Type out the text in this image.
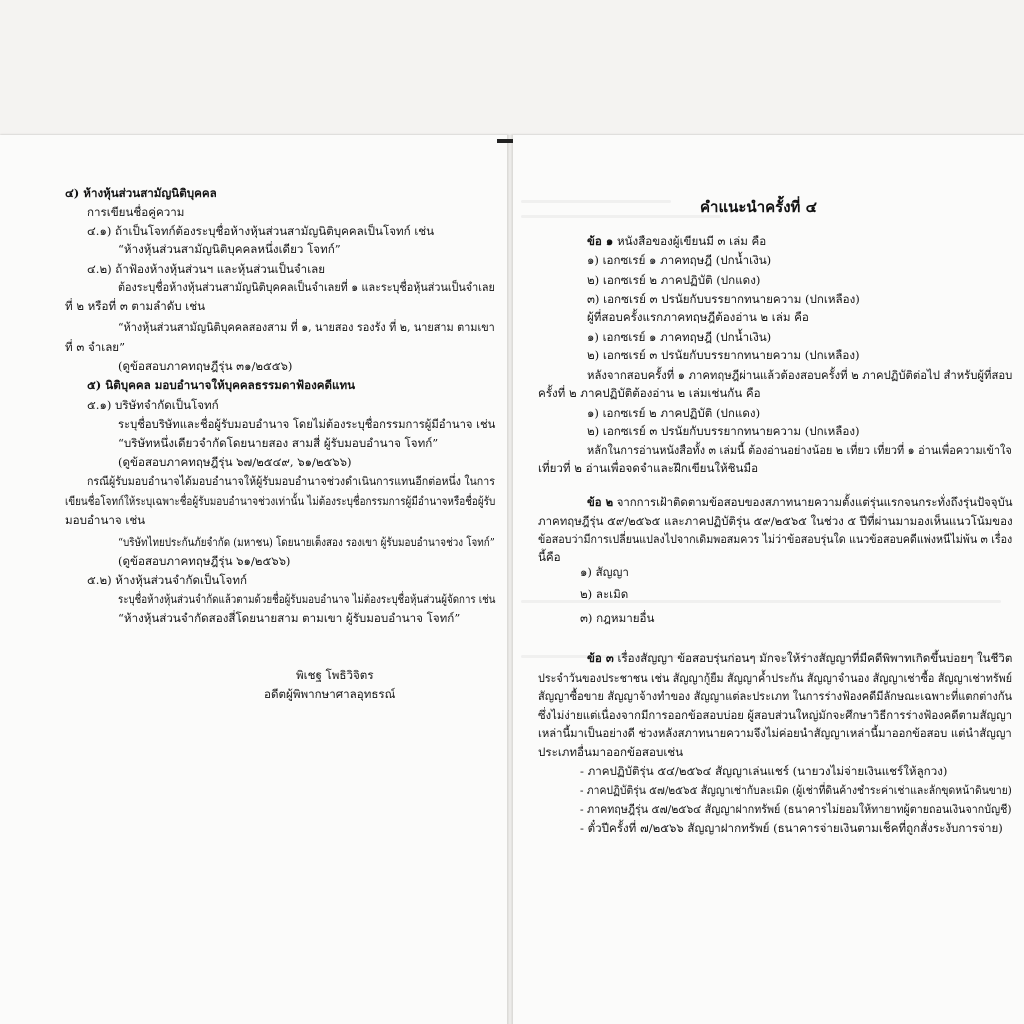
๔) ห้างหุ้นส่วนสามัญนิติบุคคล
การเขียนชื่อคู่ความ
๔.๑) ถ้าเป็นโจทก์ต้องระบุชื่อห้างหุ้นส่วนสามัญนิติบุคคลเป็นโจทก์ เช่น
“ห้างหุ้นส่วนสามัญนิติบุคคลหนึ่งเดียว โจทก์”
๔.๒) ถ้าฟ้องห้างหุ้นส่วนฯ และหุ้นส่วนเป็นจำเลย
ต้องระบุชื่อห้างหุ้นส่วนสามัญนิติบุคคลเป็นจำเลยที่ ๑ และระบุชื่อหุ้นส่วนเป็นจำเลย
ที่ ๒ หรือที่ ๓ ตามลำดับ เช่น
“ห้างหุ้นส่วนสามัญนิติบุคคลสองสาม ที่ ๑, นายสอง รองรัง ที่ ๒, นายสาม ตามเขา
ที่ ๓ จำเลย”
(ดูข้อสอบภาคทฤษฎีรุ่น ๓๑/๒๕๕๖)
๕) นิติบุคคล มอบอำนาจให้บุคคลธรรมดาฟ้องคดีแทน
๕.๑) บริษัทจำกัดเป็นโจทก์
ระบุชื่อบริษัทและชื่อผู้รับมอบอำนาจ โดยไม่ต้องระบุชื่อกรรมการผู้มีอำนาจ เช่น
“บริษัทหนึ่งเดียวจำกัดโดยนายสอง สามสี่ ผู้รับมอบอำนาจ โจทก์”
(ดูข้อสอบภาคทฤษฎีรุ่น ๖๗/๒๕๔๙, ๖๑/๒๕๖๖)
กรณีผู้รับมอบอำนาจได้มอบอำนาจให้ผู้รับมอบอำนาจช่วงดำเนินการแทนอีกต่อหนึ่ง ในการ
เขียนชื่อโจทก์ให้ระบุเฉพาะชื่อผู้รับมอบอำนาจช่วงเท่านั้น ไม่ต้องระบุชื่อกรรมการผู้มีอำนาจหรือชื่อผู้รับ
มอบอำนาจ เช่น
“บริษัทไทยประกันภัยจำกัด (มหาชน) โดยนายเต็งสอง รองเขา ผู้รับมอบอำนาจช่วง โจทก์”
(ดูข้อสอบภาคทฤษฎีรุ่น ๖๑/๒๕๖๖)
๕.๒) ห้างหุ้นส่วนจำกัดเป็นโจทก์
ระบุชื่อห้างหุ้นส่วนจำกัดแล้วตามด้วยชื่อผู้รับมอบอำนาจ ไม่ต้องระบุชื่อหุ้นส่วนผู้จัดการ เช่น
“ห้างหุ้นส่วนจำกัดสองสี่โดยนายสาม ตามเขา ผู้รับมอบอำนาจ โจทก์”
พิเชฐ โพธิวิจิตร
อดีตผู้พิพากษาศาลอุทธรณ์
คำแนะนำครั้งที่ ๔
ข้อ ๑ หนังสือของผู้เขียนมี ๓ เล่ม คือ
๑) เอกซเรย์ ๑ ภาคทฤษฎี (ปกน้ำเงิน)
๒) เอกซเรย์ ๒ ภาคปฏิบัติ (ปกแดง)
๓) เอกซเรย์ ๓ ปรนัยกับบรรยากทนายความ (ปกเหลือง)
ผู้ที่สอบครั้งแรกภาคทฤษฎีต้องอ่าน ๒ เล่ม คือ
๑) เอกซเรย์ ๑ ภาคทฤษฎี (ปกน้ำเงิน)
๒) เอกซเรย์ ๓ ปรนัยกับบรรยากทนายความ (ปกเหลือง)
หลังจากสอบครั้งที่ ๑ ภาคทฤษฎีผ่านแล้วต้องสอบครั้งที่ ๒ ภาคปฏิบัติต่อไป สำหรับผู้ที่สอบ
ครั้งที่ ๒ ภาคปฏิบัติต้องอ่าน ๒ เล่มเช่นกัน คือ
๑) เอกซเรย์ ๒ ภาคปฏิบัติ (ปกแดง)
๒) เอกซเรย์ ๓ ปรนัยกับบรรยากทนายความ (ปกเหลือง)
หลักในการอ่านหนังสือทั้ง ๓ เล่มนี้ ต้องอ่านอย่างน้อย ๒ เที่ยว เที่ยวที่ ๑ อ่านเพื่อความเข้าใจ
เที่ยวที่ ๒ อ่านเพื่อจดจำและฝึกเขียนให้ชินมือ
ข้อ ๒ จากการเฝ้าติดตามข้อสอบของสภาทนายความตั้งแต่รุ่นแรกจนกระทั่งถึงรุ่นปัจจุบัน
ภาคทฤษฎีรุ่น ๕๙/๒๕๖๕ และภาคปฏิบัติรุ่น ๕๙/๒๕๖๕ ในช่วง ๕ ปีที่ผ่านมามองเห็นแนวโน้มของ
ข้อสอบว่ามีการเปลี่ยนแปลงไปจากเดิมพอสมควร ไม่ว่าข้อสอบรุ่นใด แนวข้อสอบคดีแพ่งหนีไม่พ้น ๓ เรื่อง
นี้คือ
๑) สัญญา
๒) ละเมิด
๓) กฎหมายอื่น
ข้อ ๓ เรื่องสัญญา ข้อสอบรุ่นก่อนๆ มักจะให้ร่างสัญญาที่มีคดีพิพาทเกิดขึ้นบ่อยๆ ในชีวิต
ประจำวันของประชาชน เช่น สัญญากู้ยืม สัญญาค้ำประกัน สัญญาจำนอง สัญญาเช่าซื้อ สัญญาเช่าทรัพย์
สัญญาซื้อขาย สัญญาจ้างทำของ สัญญาแต่ละประเภท ในการร่างฟ้องคดีมีลักษณะเฉพาะที่แตกต่างกัน
ซึ่งไม่ง่ายแต่เนื่องจากมีการออกข้อสอบบ่อย ผู้สอบส่วนใหญ่มักจะศึกษาวิธีการร่างฟ้องคดีตามสัญญา
เหล่านี้มาเป็นอย่างดี ช่วงหลังสภาทนายความจึงไม่ค่อยนำสัญญาเหล่านี้มาออกข้อสอบ แต่นำสัญญา
ประเภทอื่นมาออกข้อสอบเช่น
- ภาคปฏิบัติรุ่น ๕๔/๒๕๖๔ สัญญาเล่นแชร์ (นายวงไม่จ่ายเงินแชร์ให้ลูกวง)
- ภาคปฏิบัติรุ่น ๕๗/๒๕๖๕ สัญญาเช่ากับละเมิด (ผู้เช่าที่ดินค้างชำระค่าเช่าและลักขุดหน้าดินขาย)
- ภาคทฤษฎีรุ่น ๕๗/๒๕๖๔ สัญญาฝากทรัพย์ (ธนาคารไม่ยอมให้ทายาทผู้ตายถอนเงินจากบัญชี)
- ตั๋วปีครั้งที่ ๗/๒๕๖๖ สัญญาฝากทรัพย์ (ธนาคารจ่ายเงินตามเช็คที่ถูกสั่งระงับการจ่าย)
